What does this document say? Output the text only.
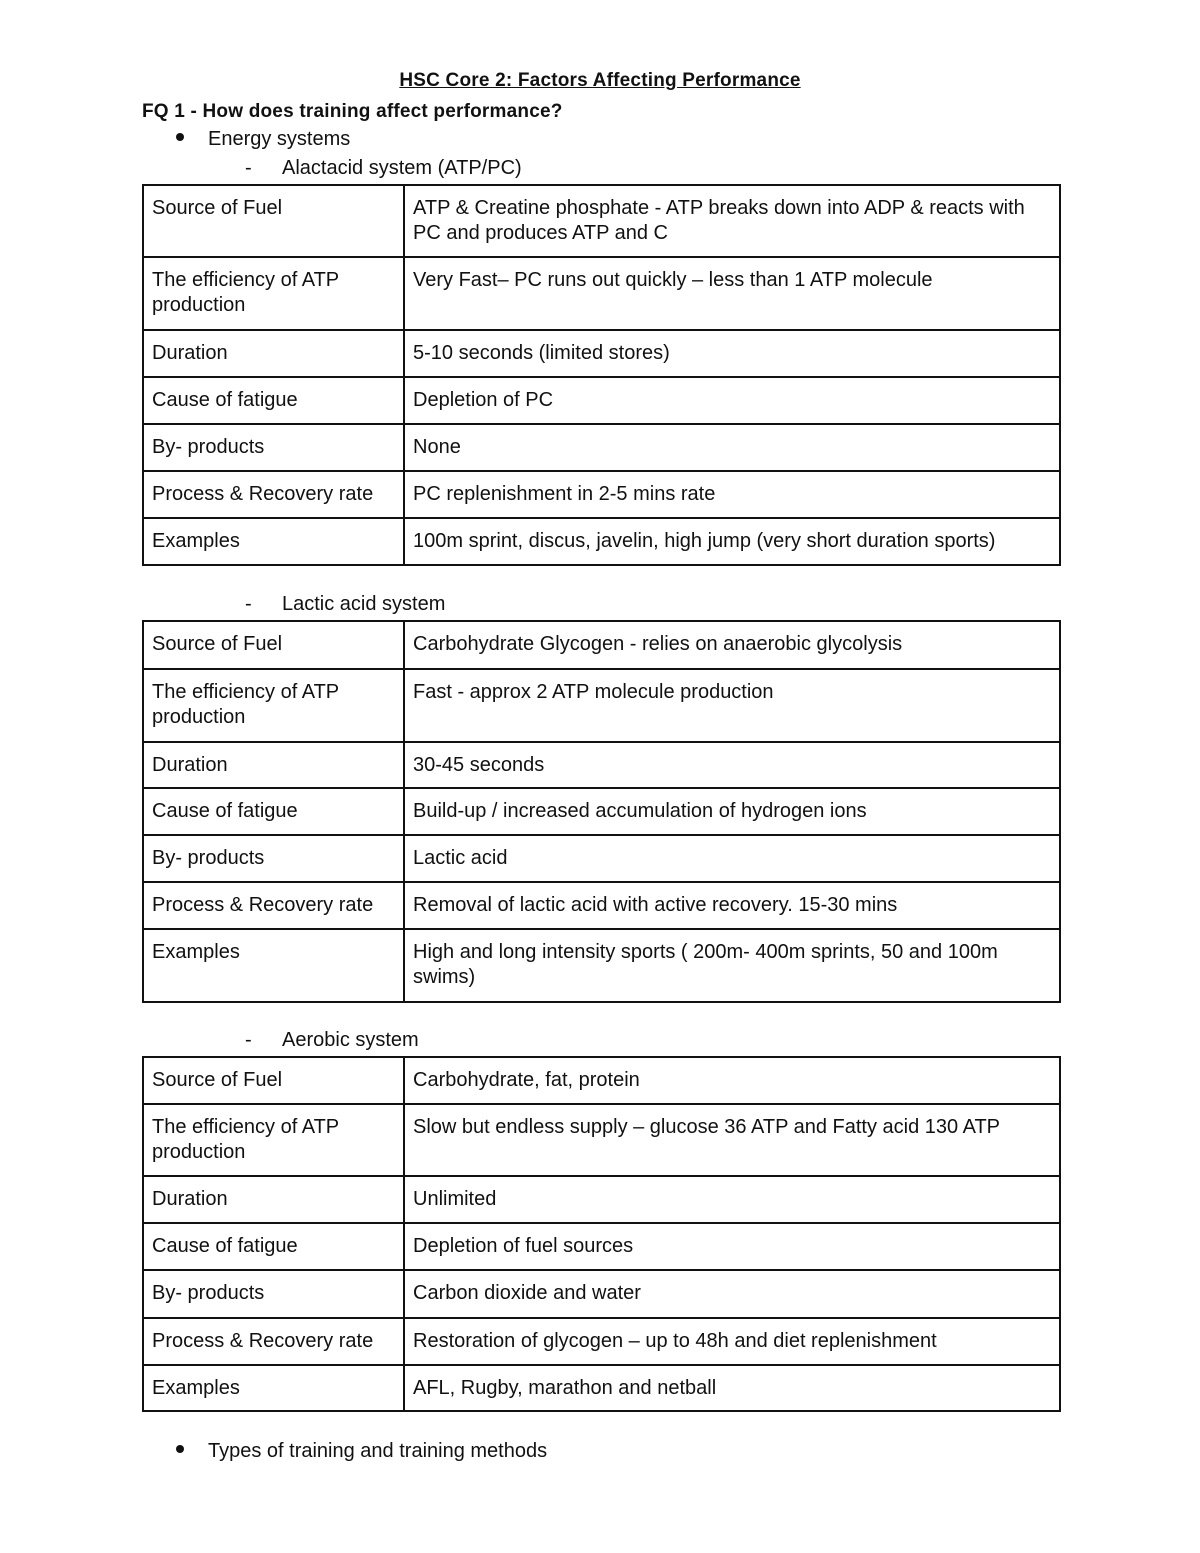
HSC Core 2: Factors Affecting Performance
FQ 1 - How does training affect performance?
Energy systems
- Alactacid system (ATP/PC)
Source of Fuel	ATP & Creatine phosphate - ATP breaks down into ADP & reacts with PC and produces ATP and C
The efficiency of ATP production	Very Fast– PC runs out quickly – less than 1 ATP molecule
Duration	5-10 seconds (limited stores)
Cause of fatigue	Depletion of PC
By- products	None
Process & Recovery rate	PC replenishment in 2-5 mins rate
Examples	100m sprint, discus, javelin, high jump (very short duration sports)
- Lactic acid system
Source of Fuel	Carbohydrate Glycogen - relies on anaerobic glycolysis
The efficiency of ATP production	Fast - approx 2 ATP molecule production
Duration	30-45 seconds
Cause of fatigue	Build-up / increased accumulation of hydrogen ions
By- products	Lactic acid
Process & Recovery rate	Removal of lactic acid with active recovery. 15-30 mins
Examples	High and long intensity sports ( 200m- 400m sprints, 50 and 100m swims)
- Aerobic system
Source of Fuel	Carbohydrate, fat, protein
The efficiency of ATP production	Slow but endless supply – glucose 36 ATP and Fatty acid 130 ATP
Duration	Unlimited
Cause of fatigue	Depletion of fuel sources
By- products	Carbon dioxide and water
Process & Recovery rate	Restoration of glycogen – up to 48h and diet replenishment
Examples	AFL, Rugby, marathon and netball
Types of training and training methods
